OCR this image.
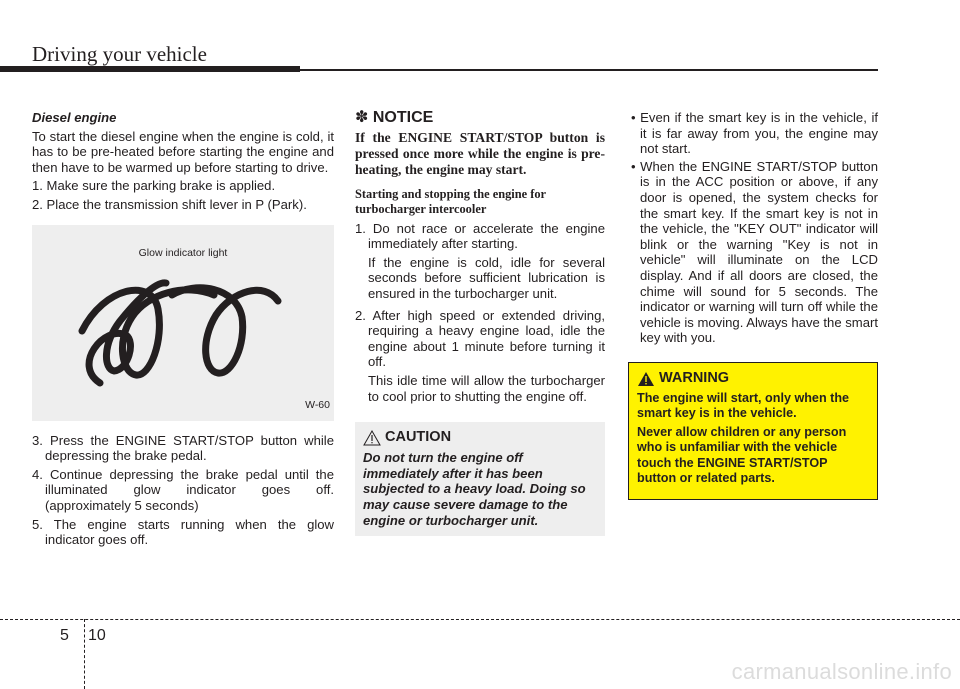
Driving your vehicle
Diesel engine

To start the diesel engine when the engine is cold, it has to be pre-heated before starting the engine and then have to be warmed up before starting to drive.

1. Make sure the parking brake is applied.
2. Place the transmission shift lever in P (Park).
Glow indicator light
W-60
3. Press the ENGINE START/STOP button while depressing the brake pedal.
4. Continue depressing the brake pedal until the illuminated glow indicator goes off. (approximately 5 seconds)
5. The engine starts running when the glow indicator goes off.
✽ NOTICE

If the ENGINE START/STOP button is pressed once more while the engine is pre-heating, the engine may start.

Starting and stopping the engine for turbocharger intercooler

1. Do not race or accelerate the engine immediately after starting.
If the engine is cold, idle for several seconds before sufficient lubrication is ensured in the turbocharger unit.
2. After high speed or extended driving, requiring a heavy engine load, idle the engine about 1 minute before turning it off.
This idle time will allow the turbocharger to cool prior to shutting the engine off.
CAUTION

Do not turn the engine off immediately after it has been subjected to a heavy load. Doing so may cause severe damage to the engine or turbocharger unit.

• Even if the smart key is in the vehicle, if it is far away from you, the engine may not start.
• When the ENGINE START/STOP button is in the ACC position or above, if any door is opened, the system checks for the smart key. If the smart key is not in the vehicle, the "KEY OUT" indicator will blink or the warning "Key is not in vehicle" will illuminate on the LCD display. And if all doors are closed, the chime will sound for 5 seconds. The indicator or warning will turn off while the vehicle is moving. Always have the smart key with you.
WARNING

The engine will start, only when the smart key is in the vehicle.

Never allow children or any person who is unfamiliar with the vehicle touch the ENGINE START/STOP button or related parts.

5 10
carmanualsonline.info
